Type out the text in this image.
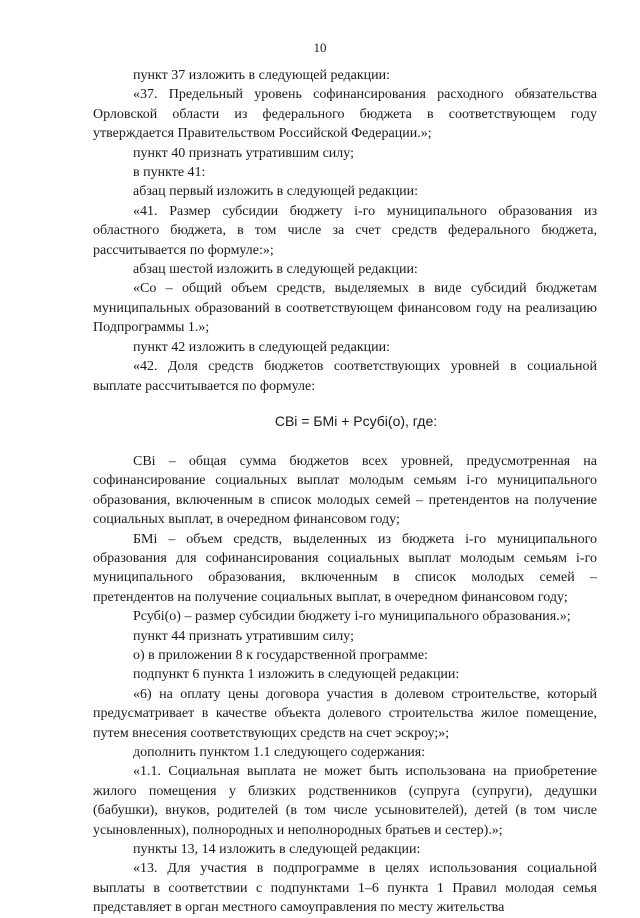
10

пункт 37 изложить в следующей редакции:

«37. Предельный уровень софинансирования расходного обязательства Орловской области из федерального бюджета в соответствующем году утверждается Правительством Российской Федерации.»;

пункт 40 признать утратившим силу;

в пункте 41:

абзац первый изложить в следующей редакции:

«41. Размер субсидии бюджету i-го муниципального образования из областного бюджета, в том числе за счет средств федерального бюджета, рассчитывается по формуле:»;

абзац шестой изложить в следующей редакции:

«Со – общий объем средств, выделяемых в виде субсидий бюджетам муниципальных образований в соответствующем финансовом году на реализацию Подпрограммы 1.»;

пункт 42 изложить в следующей редакции:

«42. Доля средств бюджетов соответствующих уровней в социальной выплате рассчитывается по формуле:

СВi = БМi + Рсубi(о), где:

СВi – общая сумма бюджетов всех уровней, предусмотренная на софинансирование социальных выплат молодым семьям i-го муниципального образования, включенным в список молодых семей – претендентов на получение социальных выплат, в очередном финансовом году;

БМi – объем средств, выделенных из бюджета i-го муниципального образования для софинансирования социальных выплат молодым семьям i-го муниципального образования, включенным в список молодых семей – претендентов на получение социальных выплат, в очередном финансовом году;

Рсубi(о) – размер субсидии бюджету i-го муниципального образования.»;

пункт 44 признать утратившим силу;

о) в приложении 8 к государственной программе:

подпункт 6 пункта 1 изложить в следующей редакции:

«6) на оплату цены договора участия в долевом строительстве, который предусматривает в качестве объекта долевого строительства жилое помещение, путем внесения соответствующих средств на счет эскроу;»;

дополнить пунктом 1.1 следующего содержания:

«1.1. Социальная выплата не может быть использована на приобретение жилого помещения у близких родственников (супруга (супруги), дедушки (бабушки), внуков, родителей (в том числе усыновителей), детей (в том числе усыновленных), полнородных и неполнородных братьев и сестер).»;

пункты 13, 14 изложить в следующей редакции:

«13. Для участия в подпрограмме в целях использования социальной выплаты в соответствии с подпунктами 1–6 пункта 1 Правил молодая семья представляет в орган местного самоуправления по месту жительства
